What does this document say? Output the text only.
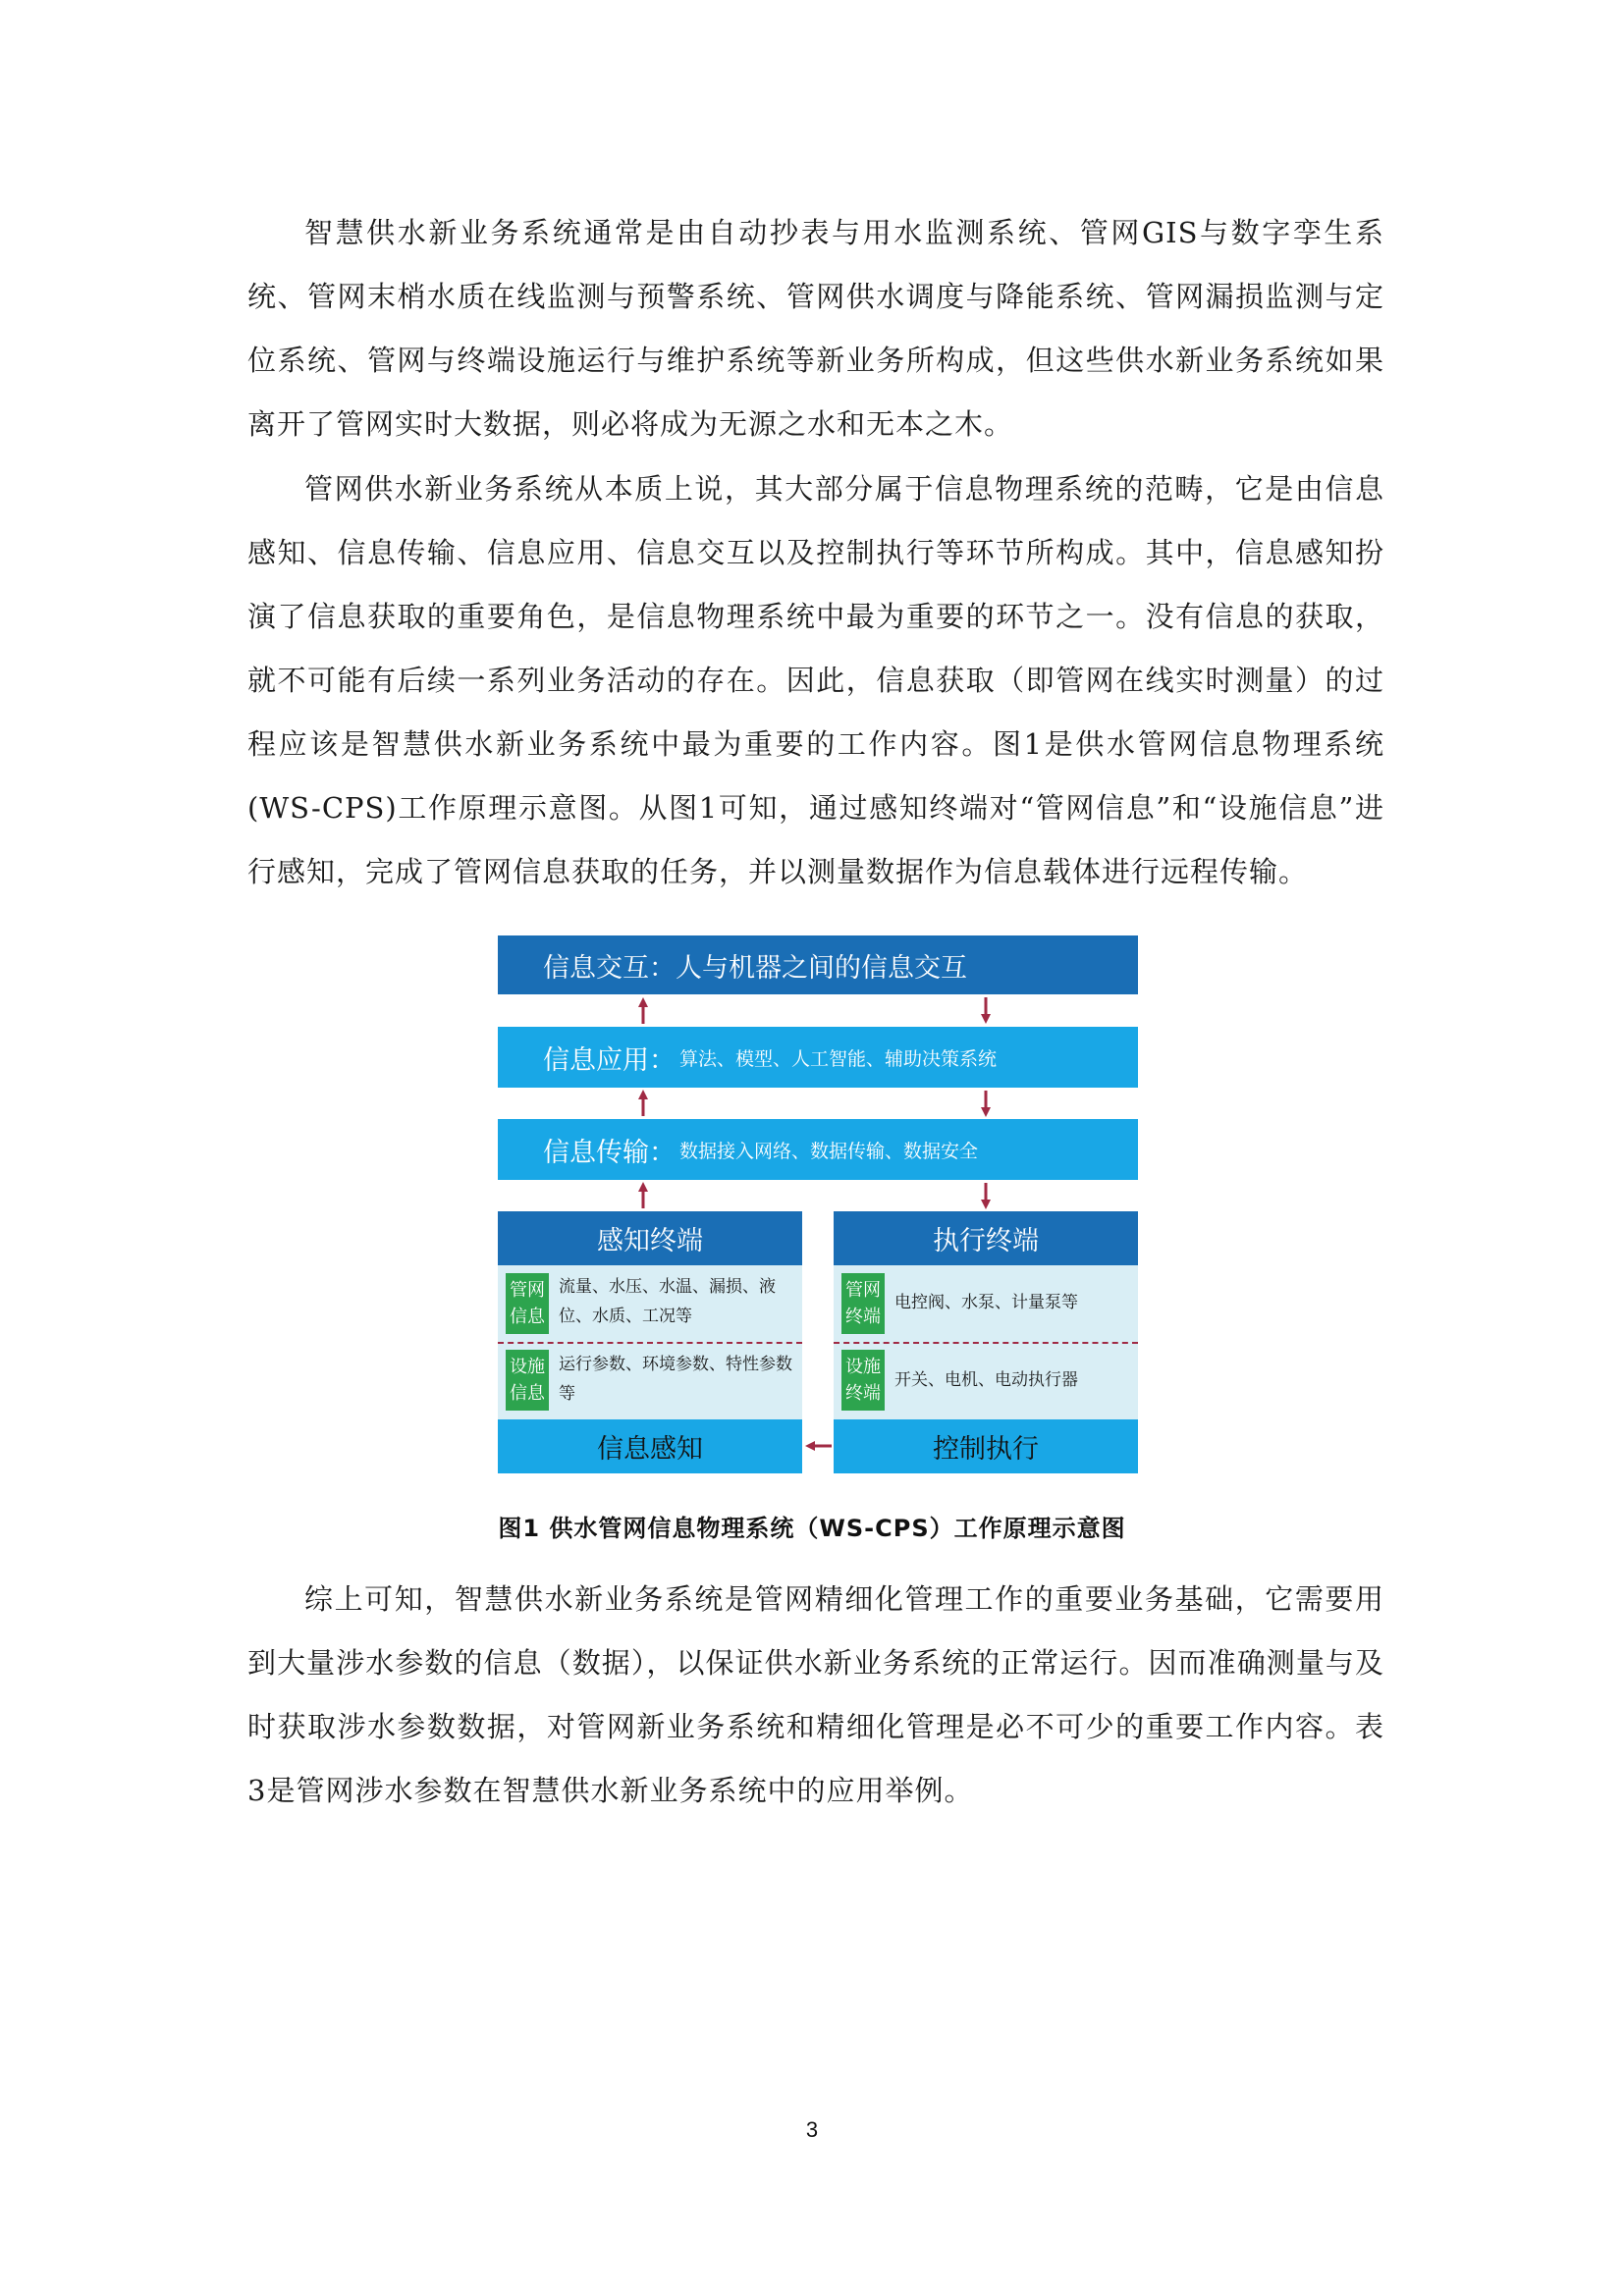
智慧供水新业务系统通常是由自动抄表与用水监测系统、管网GIS与数字孪生系统、管网末梢水质在线监测与预警系统、管网供水调度与降能系统、管网漏损监测与定位系统、管网与终端设施运行与维护系统等新业务所构成，但这些供水新业务系统如果离开了管网实时大数据，则必将成为无源之水和无本之木。

管网供水新业务系统从本质上说，其大部分属于信息物理系统的范畴，它是由信息感知、信息传输、信息应用、信息交互以及控制执行等环节所构成。其中，信息感知扮演了信息获取的重要角色，是信息物理系统中最为重要的环节之一。没有信息的获取，就不可能有后续一系列业务活动的存在。因此，信息获取（即管网在线实时测量）的过程应该是智慧供水新业务系统中最为重要的工作内容。图1是供水管网信息物理系统(WS-CPS)工作原理示意图。从图1可知，通过感知终端对“管网信息”和“设施信息”进行感知，完成了管网信息获取的任务，并以测量数据作为信息载体进行远程传输。

信息交互：人与机器之间的信息交互
信息应用： 算法、模型、人工智能、辅助决策系统
信息传输： 数据接入网络、数据传输、数据安全
感知终端
管网
信息
流量、水压、水温、漏损、液位、水质、工况等
设施
信息
运行参数、环境参数、特性参数等
信息感知
执行终端
管网
终端
电控阀、水泵、计量泵等
设施
终端
开关、电机、电动执行器
控制执行
图1 供水管网信息物理系统（WS-CPS）工作原理示意图

综上可知，智慧供水新业务系统是管网精细化管理工作的重要业务基础，它需要用到大量涉水参数的信息（数据），以保证供水新业务系统的正常运行。因而准确测量与及时获取涉水参数数据，对管网新业务系统和精细化管理是必不可少的重要工作内容。表3是管网涉水参数在智慧供水新业务系统中的应用举例。

3
